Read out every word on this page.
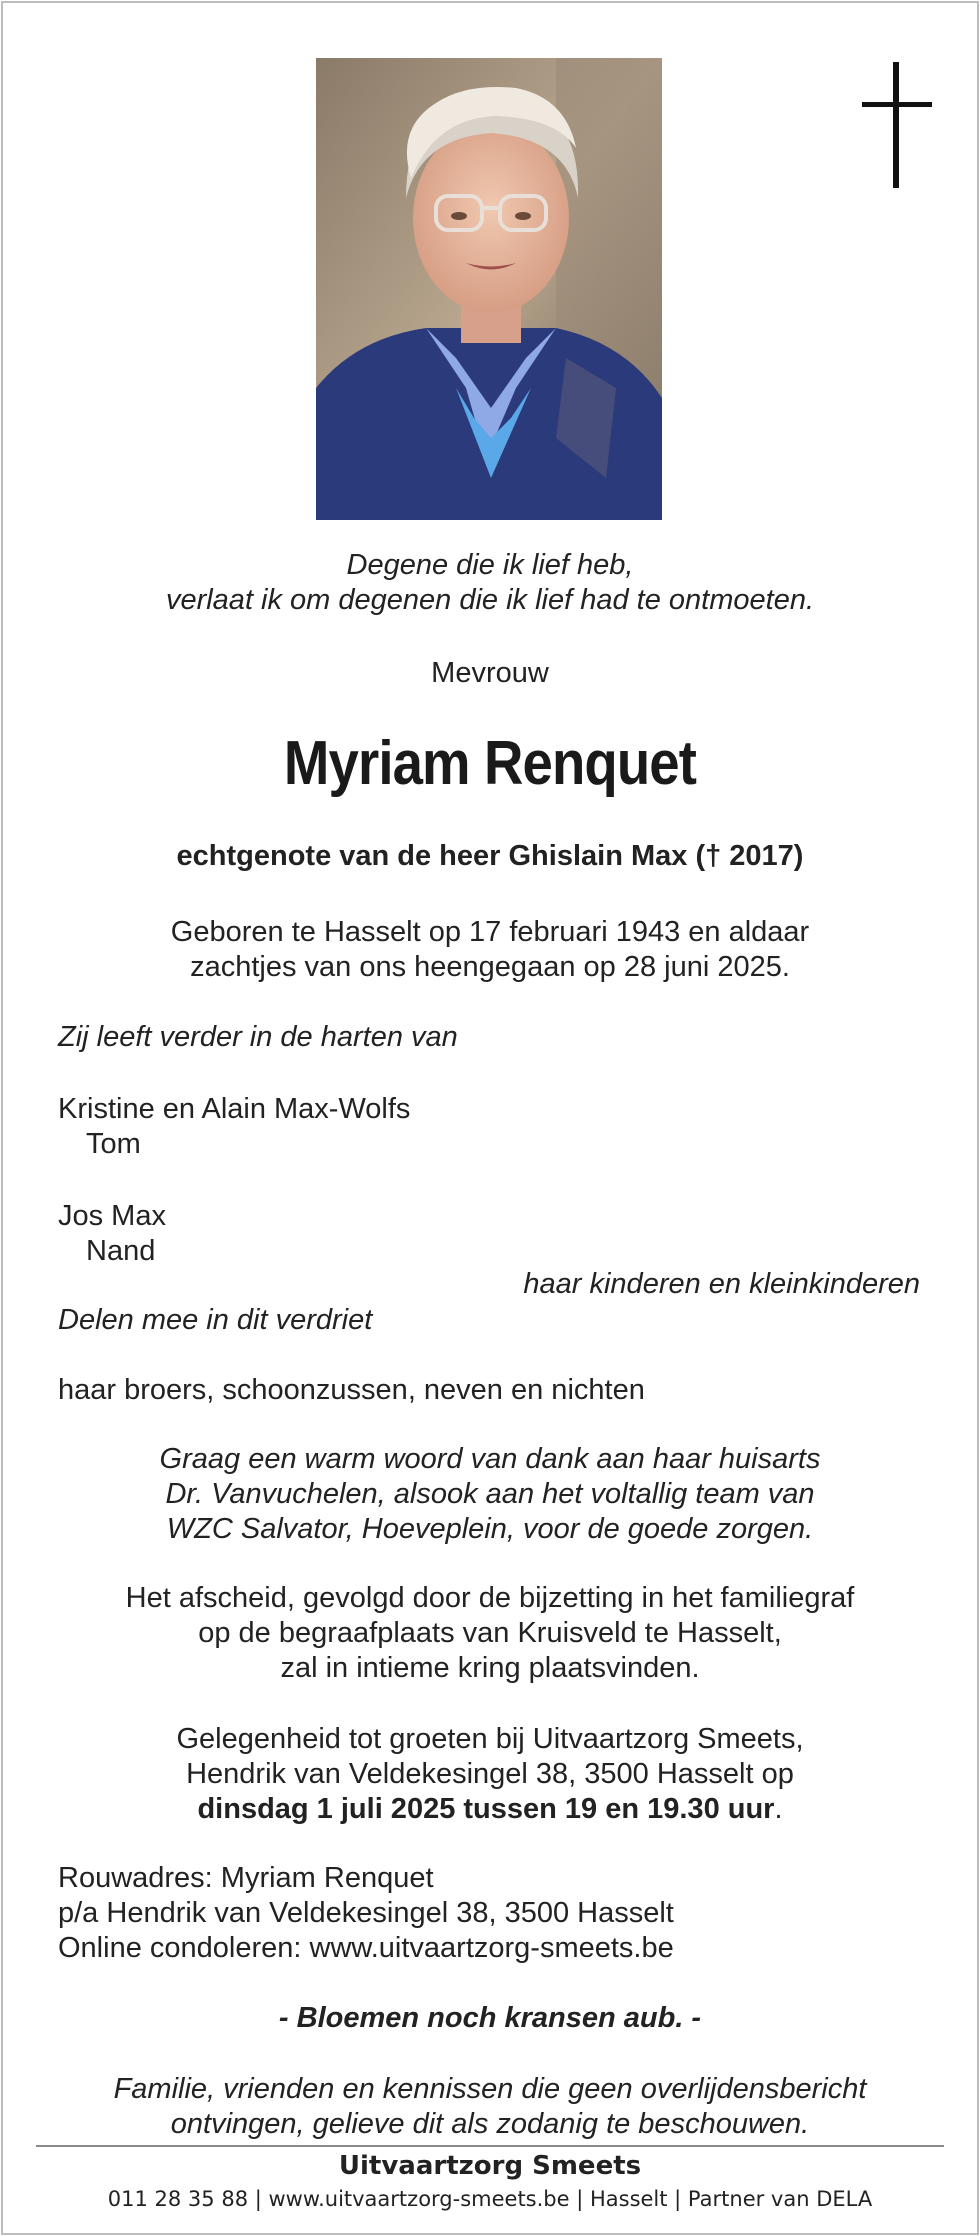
Degene die ik lief heb,

verlaat ik om degenen die ik lief had te ontmoeten.

Mevrouw

Myriam Renquet

echtgenote van de heer Ghislain Max († 2017)

Geboren te Hasselt op 17 februari 1943 en aldaar

zachtjes van ons heengegaan op 28 juni 2025.

Zij leeft verder in de harten van

Kristine en Alain Max-Wolfs

Tom

Jos Max

Nand

haar kinderen en kleinkinderen

Delen mee in dit verdriet

haar broers, schoonzussen, neven en nichten

Graag een warm woord van dank aan haar huisarts

Dr. Vanvuchelen, alsook aan het voltallig team van

WZC Salvator, Hoeveplein, voor de goede zorgen.

Het afscheid, gevolgd door de bijzetting in het familiegraf

op de begraafplaats van Kruisveld te Hasselt,

zal in intieme kring plaatsvinden.

Gelegenheid tot groeten bij Uitvaartzorg Smeets,

Hendrik van Veldekesingel 38, 3500 Hasselt op

dinsdag 1 juli 2025 tussen 19 en 19.30 uur.

Rouwadres: Myriam Renquet

p/a Hendrik van Veldekesingel 38, 3500 Hasselt

Online condoleren: www.uitvaartzorg-smeets.be

- Bloemen noch kransen aub. -

Familie, vrienden en kennissen die geen overlijdensbericht

ontvingen, gelieve dit als zodanig te beschouwen.

Uitvaartzorg Smeets

011 28 35 88 | www.uitvaartzorg-smeets.be | Hasselt | Partner van DELA
